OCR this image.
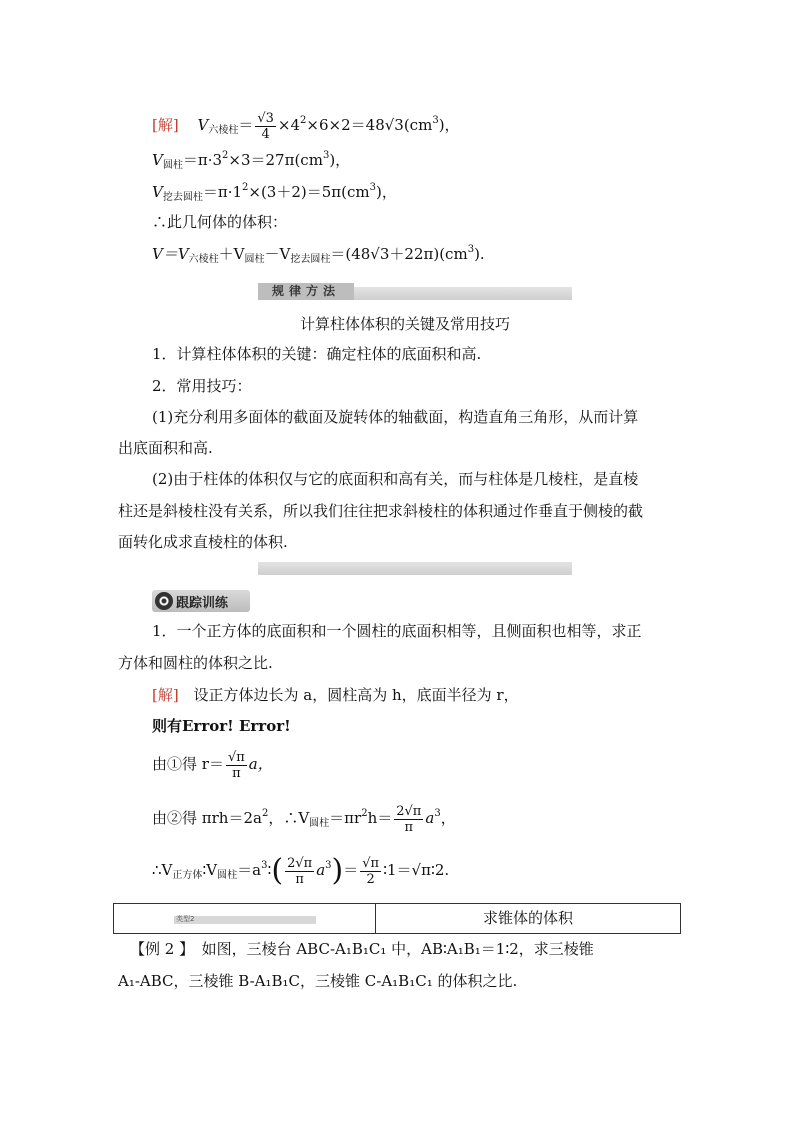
[解] $V_{六棱柱}= \frac{√3}{4} \times 4^2\times 6\times 2=48√3(cm^3)$，
$V_{圆柱}=\pi\cdot 3^2\times 3=27\pi(cm^3)$，
$V_{挖去圆柱}=\pi\cdot 1^2\times(3+2)=5\pi(cm^3)$，
∴此几何体的体积：
$V=V_{六棱柱}+V_{圆柱}-V_{挖去圆柱}=(48√3+22\pi)(cm^3)$.
规律方法
计算柱体体积的关键及常用技巧
1．计算柱体体积的关键：确定柱体的底面积和高.
2．常用技巧：
(1)充分利用多面体的截面及旋转体的轴截面，构造直角三角形，从而计算
出底面积和高.
(2)由于柱体的体积仅与它的底面积和高有关，而与柱体是几棱柱，是直棱
柱还是斜棱柱没有关系，所以我们往往把求斜棱柱的体积通过作垂直于侧棱的截
面转化成求直棱柱的体积.
跟踪训练
1．一个正方体的底面积和一个圆柱的底面积相等，且侧面积也相等，求正
方体和圆柱的体积之比.
[解] 设正方体边长为 a，圆柱高为 h，底面半径为 r，
则有Error! Error!
由①得 $r= \frac{√\pi}{\pi}$ a，
由②得 $\pi rh=2a^2$，$\therefore V_{圆柱}=\pi r^2h= \frac{2√\pi}{\pi} a^3$，
$\therefore V_{正方体}∶V_{圆柱}=a^3∶( \frac{2√\pi}{\pi} a^3)= \frac{√\pi}{2}$ ∶1＝√π∶2.
类型2	求锥体的体积
【例 2 】　如图，三棱台 ABC-A₁B₁C₁ 中，AB∶A₁B₁＝1∶2，求三棱锥
A₁-ABC，三棱锥 B-A₁B₁C，三棱锥 C-A₁B₁C₁ 的体积之比.
